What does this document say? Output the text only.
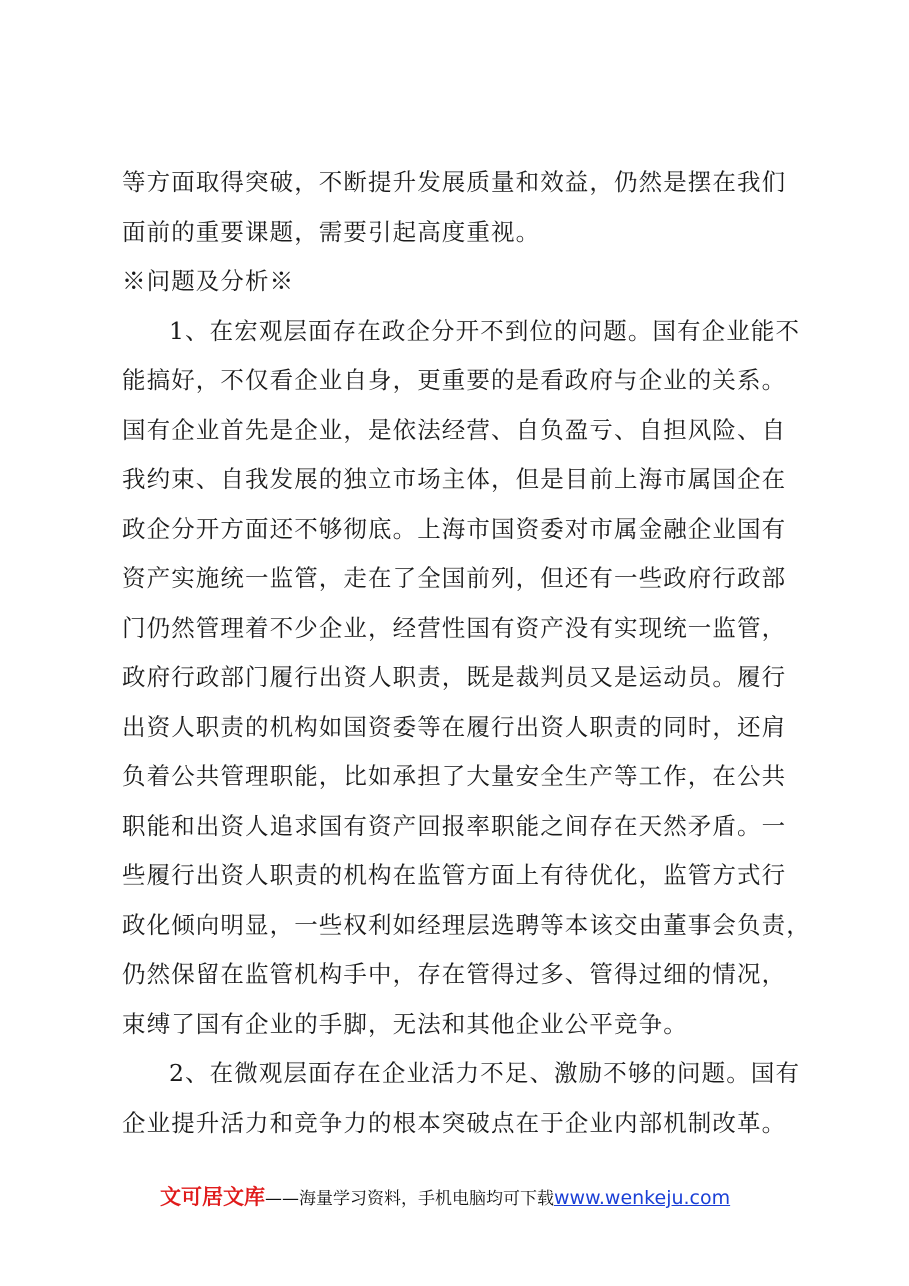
等方面取得突破，不断提升发展质量和效益，仍然是摆在我们
面前的重要课题，需要引起高度重视。
※问题及分析※
1、在宏观层面存在政企分开不到位的问题。国有企业能不
能搞好，不仅看企业自身，更重要的是看政府与企业的关系。
国有企业首先是企业，是依法经营、自负盈亏、自担风险、自
我约束、自我发展的独立市场主体，但是目前上海市属国企在
政企分开方面还不够彻底。上海市国资委对市属金融企业国有
资产实施统一监管，走在了全国前列，但还有一些政府行政部
门仍然管理着不少企业，经营性国有资产没有实现统一监管，
政府行政部门履行出资人职责，既是裁判员又是运动员。履行
出资人职责的机构如国资委等在履行出资人职责的同时，还肩
负着公共管理职能，比如承担了大量安全生产等工作，在公共
职能和出资人追求国有资产回报率职能之间存在天然矛盾。一
些履行出资人职责的机构在监管方面上有待优化，监管方式行
政化倾向明显，一些权利如经理层选聘等本该交由董事会负责，
仍然保留在监管机构手中，存在管得过多、管得过细的情况，
束缚了国有企业的手脚，无法和其他企业公平竞争。
2、在微观层面存在企业活力不足、激励不够的问题。国有
企业提升活力和竞争力的根本突破点在于企业内部机制改革。
文可居文库——海量学习资料，手机电脑均可下载www.wenkeju.com
